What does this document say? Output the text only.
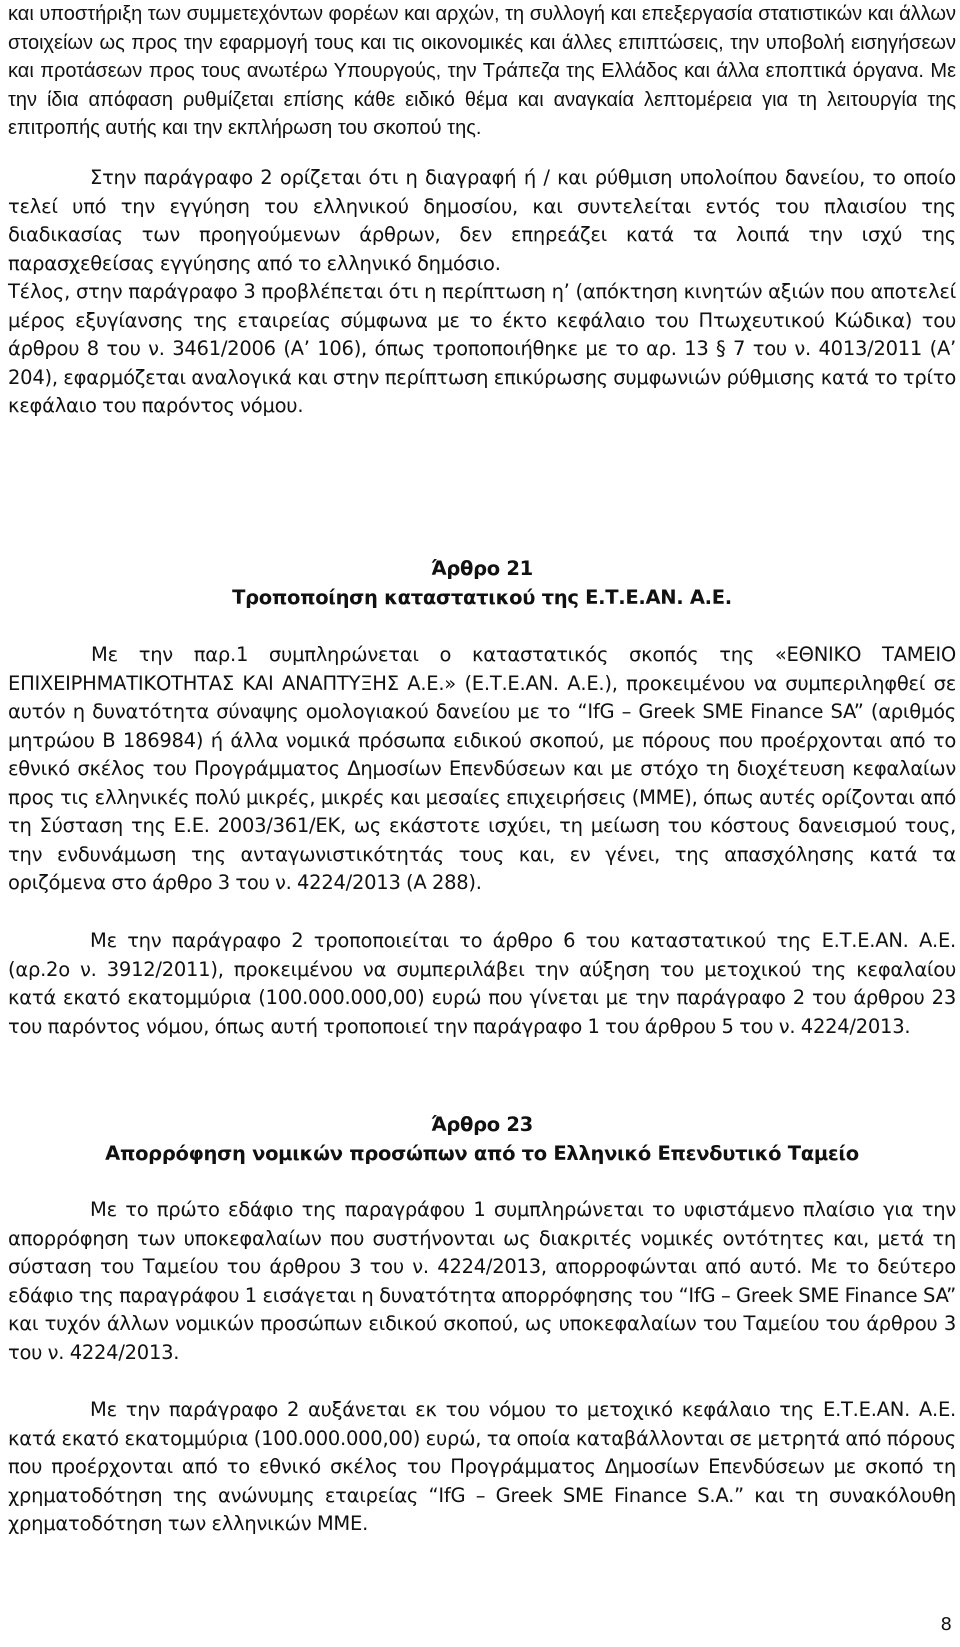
και υποστήριξη των συμμετεχόντων φορέων και αρχών, τη συλλογή και επεξεργασία στατιστικών και άλλων στοιχείων ως προς την εφαρμογή τους και τις οικονομικές και άλλες επιπτώσεις, την υποβολή εισηγήσεων και προτάσεων προς τους ανωτέρω Υπουργούς, την Τράπεζα της Ελλάδος και άλλα εποπτικά όργανα. Με την ίδια απόφαση ρυθμίζεται επίσης κάθε ειδικό θέμα και αναγκαία λεπτομέρεια για τη λειτουργία της επιτροπής αυτής και την εκπλήρωση του σκοπού της.

Στην παράγραφο 2 ορίζεται ότι η διαγραφή ή / και ρύθμιση υπολοίπου δανείου, το οποίο τελεί υπό την εγγύηση του ελληνικού δημοσίου, και συντελείται εντός του πλαισίου της διαδικασίας των προηγούμενων άρθρων, δεν επηρεάζει κατά τα λοιπά την ισχύ της παρασχεθείσας εγγύησης από το ελληνικό δημόσιο.

Τέλος, στην παράγραφο 3 προβλέπεται ότι η περίπτωση η’ (απόκτηση κινητών αξιών που αποτελεί μέρος εξυγίανσης της εταιρείας σύμφωνα με το έκτο κεφάλαιο του Πτωχευτικού Κώδικα) του άρθρου 8 του ν. 3461/2006 (Α’ 106), όπως τροποποιήθηκε με το αρ. 13 § 7 του ν. 4013/2011 (Α’ 204), εφαρμόζεται αναλογικά και στην περίπτωση επικύρωσης συμφωνιών ρύθμισης κατά το τρίτο κεφάλαιο του παρόντος νόμου.

Άρθρο 21
Τροποποίηση καταστατικού της Ε.Τ.Ε.ΑΝ. Α.Ε.

Με την παρ.1 συμπληρώνεται ο καταστατικός σκοπός της «ΕΘΝΙΚΟ ΤΑΜΕΙΟ ΕΠΙΧΕΙΡΗΜΑΤΙΚΟΤΗΤΑΣ ΚΑΙ ΑΝΑΠΤΥΞΗΣ Α.Ε.» (Ε.Τ.Ε.ΑΝ. Α.Ε.), προκειμένου να συμπεριληφθεί σε αυτόν η δυνατότητα σύναψης ομολογιακού δανείου με το “IfG – Greek SME Finance SA” (αριθμός μητρώου Β 186984) ή άλλα νομικά πρόσωπα ειδικού σκοπού, με πόρους που προέρχονται από το εθνικό σκέλος του Προγράμματος Δημοσίων Επενδύσεων και με στόχο τη διοχέτευση κεφαλαίων προς τις ελληνικές πολύ μικρές, μικρές και μεσαίες επιχειρήσεις (ΜΜΕ), όπως αυτές ορίζονται από τη Σύσταση της Ε.Ε. 2003/361/ΕΚ, ως εκάστοτε ισχύει, τη μείωση του κόστους δανεισμού τους, την ενδυνάμωση της ανταγωνιστικότητάς τους και, εν γένει, της απασχόλησης κατά τα οριζόμενα στο άρθρο 3 του ν. 4224/2013 (Α 288).

Με την παράγραφο 2 τροποποιείται το άρθρο 6 του καταστατικού της Ε.Τ.Ε.ΑΝ. Α.Ε. (αρ.2ο ν. 3912/2011), προκειμένου να συμπεριλάβει την αύξηση του μετοχικού της κεφαλαίου κατά εκατό εκατομμύρια (100.000.000,00) ευρώ που γίνεται με την παράγραφο 2 του άρθρου 23 του παρόντος νόμου, όπως αυτή τροποποιεί την παράγραφο 1 του άρθρου 5 του ν. 4224/2013.

Άρθρο 23
Απορρόφηση νομικών προσώπων από το Ελληνικό Επενδυτικό Ταμείο

Με το πρώτο εδάφιο της παραγράφου 1 συμπληρώνεται το υφιστάμενο πλαίσιο για την απορρόφηση των υποκεφαλαίων που συστήνονται ως διακριτές νομικές οντότητες και, μετά τη σύσταση του Ταμείου του άρθρου 3 του ν. 4224/2013, απορροφώνται από αυτό. Με το δεύτερο εδάφιο της παραγράφου 1 εισάγεται η δυνατότητα απορρόφησης του “IfG – Greek SME Finance SA” και τυχόν άλλων νομικών προσώπων ειδικού σκοπού, ως υποκεφαλαίων του Ταμείου του άρθρου 3 του ν. 4224/2013.

Με την παράγραφο 2 αυξάνεται εκ του νόμου το μετοχικό κεφάλαιο της Ε.Τ.Ε.ΑΝ. Α.Ε. κατά εκατό εκατομμύρια (100.000.000,00) ευρώ, τα οποία καταβάλλονται σε μετρητά από πόρους που προέρχονται από το εθνικό σκέλος του Προγράμματος Δημοσίων Επενδύσεων με σκοπό τη χρηματοδότηση της ανώνυμης εταιρείας “IfG – Greek SME Finance S.A.” και τη συνακόλουθη χρηματοδότηση των ελληνικών ΜΜΕ.

8
